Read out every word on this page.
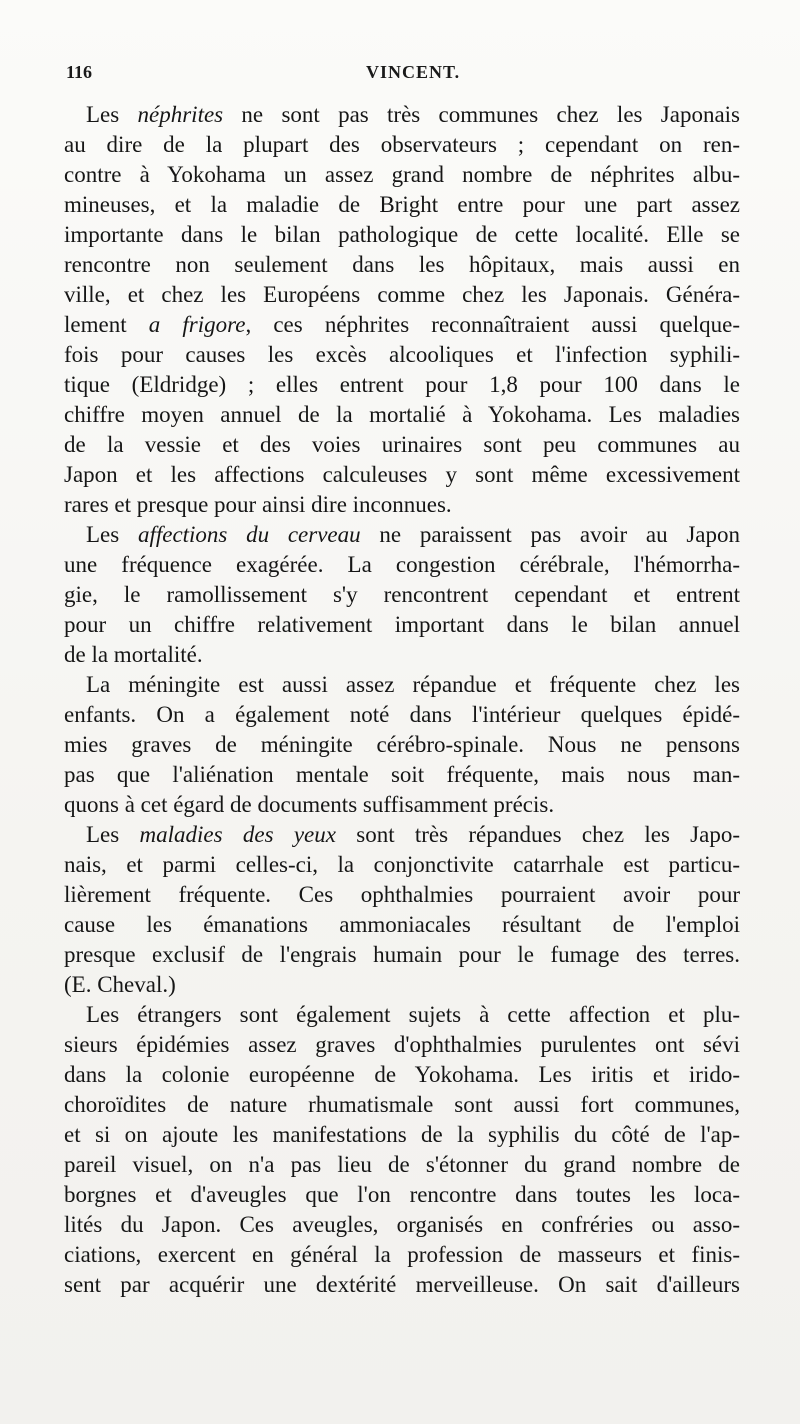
116	VINCENT.
Les néphrites ne sont pas très communes chez les Japonais
au dire de la plupart des observateurs ; cependant on ren-
contre à Yokohama un assez grand nombre de néphrites albu-
mineuses, et la maladie de Bright entre pour une part assez
importante dans le bilan pathologique de cette localité. Elle se
rencontre non seulement dans les hôpitaux, mais aussi en
ville, et chez les Européens comme chez les Japonais. Généra-
lement a frigore, ces néphrites reconnaîtraient aussi quelque-
fois pour causes les excès alcooliques et l'infection syphili-
tique (Eldridge) ; elles entrent pour 1,8 pour 100 dans le
chiffre moyen annuel de la mortalié à Yokohama. Les maladies
de la vessie et des voies urinaires sont peu communes au
Japon et les affections calculeuses y sont même excessivement
rares et presque pour ainsi dire inconnues.
Les affections du cerveau ne paraissent pas avoir au Japon
une fréquence exagérée. La congestion cérébrale, l'hémorrha-
gie, le ramollissement s'y rencontrent cependant et entrent
pour un chiffre relativement important dans le bilan annuel
de la mortalité.
La méningite est aussi assez répandue et fréquente chez les
enfants. On a également noté dans l'intérieur quelques épidé-
mies graves de méningite cérébro-spinale. Nous ne pensons
pas que l'aliénation mentale soit fréquente, mais nous man-
quons à cet égard de documents suffisamment précis.
Les maladies des yeux sont très répandues chez les Japo-
nais, et parmi celles-ci, la conjonctivite catarrhale est particu-
lièrement fréquente. Ces ophthalmies pourraient avoir pour
cause les émanations ammoniacales résultant de l'emploi
presque exclusif de l'engrais humain pour le fumage des terres.
(E. Cheval.)
Les étrangers sont également sujets à cette affection et plu-
sieurs épidémies assez graves d'ophthalmies purulentes ont sévi
dans la colonie européenne de Yokohama. Les iritis et irido-
choroïdites de nature rhumatismale sont aussi fort communes,
et si on ajoute les manifestations de la syphilis du côté de l'ap-
pareil visuel, on n'a pas lieu de s'étonner du grand nombre de
borgnes et d'aveugles que l'on rencontre dans toutes les loca-
lités du Japon. Ces aveugles, organisés en confréries ou asso-
ciations, exercent en général la profession de masseurs et finis-
sent par acquérir une dextérité merveilleuse. On sait d'ailleurs
